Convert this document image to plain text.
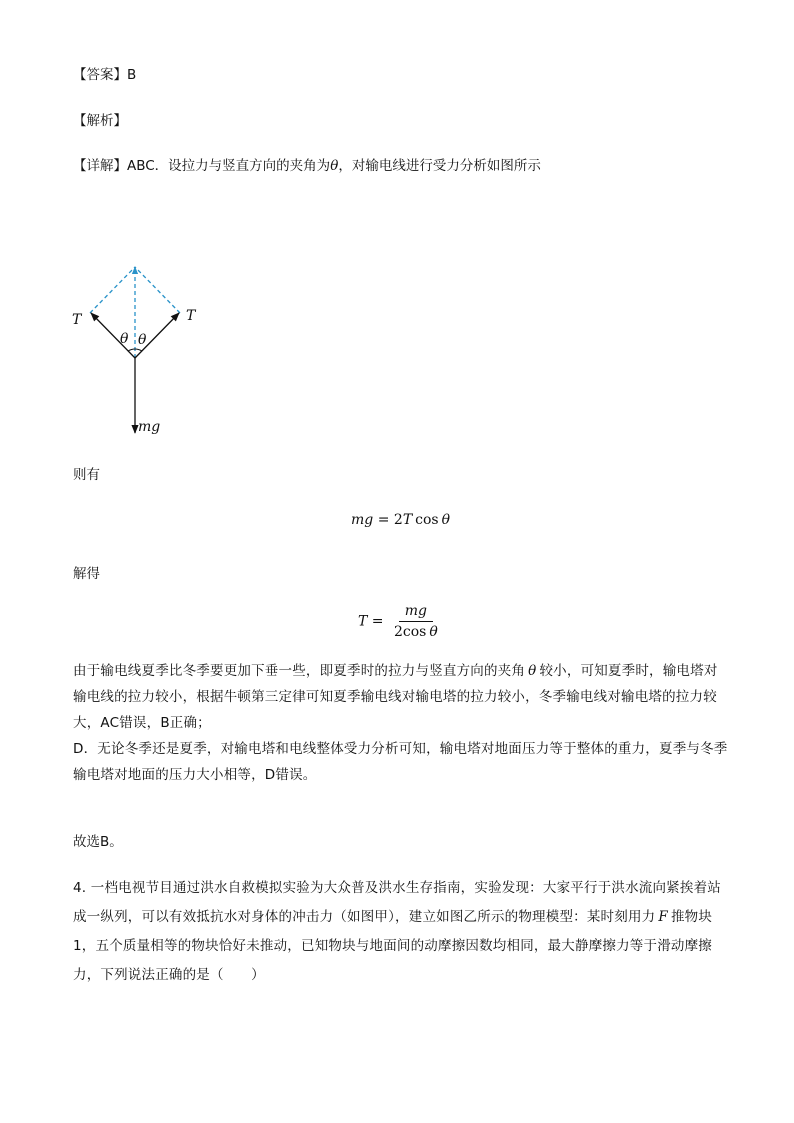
【答案】B
【解析】
【详解】ABC．设拉力与竖直方向的夹角为θ，对输电线进行受力分析如图所示
T	T
θ θ
mg
则有
mg = 2T cos θ
解得
$T = \frac{mg}{\text{2cos θ}}$

由于输电线夏季比冬季要更加下垂一些，即夏季时的拉力与竖直方向的夹角 θ 较小，可知夏季时，输电塔对输电线的拉力较小，根据牛顿第三定律可知夏季输电线对输电塔的拉力较小，冬季输电线对输电塔的拉力较大，AC错误，B正确；

D．无论冬季还是夏季，对输电塔和电线整体受力分析可知，输电塔对地面压力等于整体的重力，夏季与冬季输电塔对地面的压力大小相等，D错误。

故选B。

4. 一档电视节目通过洪水自救模拟实验为大众普及洪水生存指南，实验发现：大家平行于洪水流向紧挨着站成一纵列，可以有效抵抗水对身体的冲击力（如图甲），建立如图乙所示的物理模型：某时刻用力 F 推物块1，五个质量相等的物块恰好未推动，已知物块与地面间的动摩擦因数均相同，最大静摩擦力等于滑动摩擦力，下列说法正确的是（　　）
